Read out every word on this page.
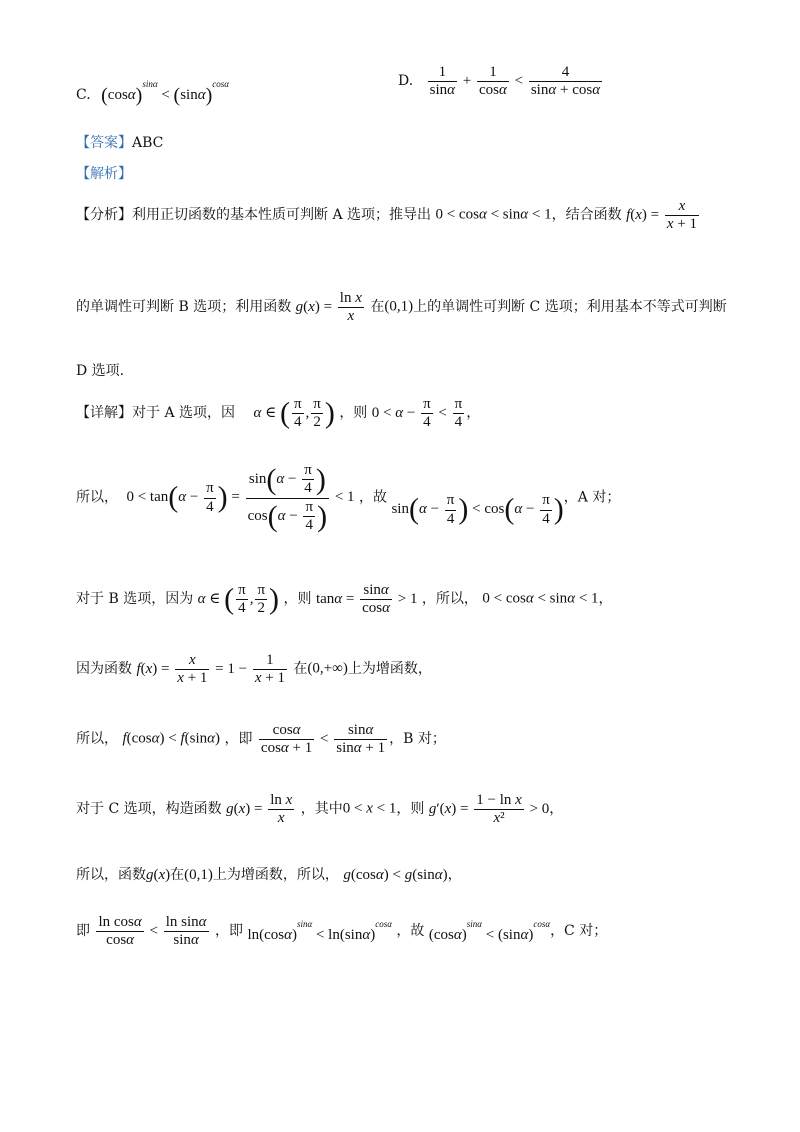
C. $(\cos\alpha)^{sin\alpha} < (\sin\alpha)^{cos\alpha}$	D. $\frac{1}{\sin\alpha} + \frac{1}{\cos\alpha} < \frac{4}{\sin\alpha + \cos\alpha}$
【答案】ABC
【解析】
【分析】利用正切函数的基本性质可判断 A 选项；推导出 0 < cosα < sinα < 1，结合函数 $f(x) = \frac{x}{x + 1}$
的单调性可判断 B 选项；利用函数 $g(x) = \frac{\text{ln x}}{x}$ 在(0,1)上的单调性可判断 C 选项；利用基本不等式可判断
D 选项.
【详解】对于 A 选项，因 α ∈ ( $\frac{\pi}{4}$ , $\frac{\pi}{2}$ ) ，则 $0 < \alpha - \frac{\pi}{4} < \frac{\pi}{4}$ ，
所以， $0 < \tan(\alpha - \frac{\pi}{4}$ ) = $\frac{\sin(\alpha - \frac{\pi}{4} )}{\cos(\alpha - \frac{\pi}{4} )} < 1$ ，故 $\sin(\alpha - \frac{\pi}{4}$ ) < $\cos(\alpha - \frac{\pi}{4}$ )，A 对；
对于 B 选项，因为 α ∈ ( $\frac{\pi}{4}$ , $\frac{\pi}{2}$ ) ，则 $\tan\alpha = \frac{\sin\alpha}{\cos\alpha} > 1$ ，所以， 0 < cosα < sinα < 1，
因为函数 $f(x) = \frac{x}{x + 1} = 1 - \frac{1}{x + 1}$ 在(0,+∞)上为增函数，
所以， f(cosα) < f(sinα) ，即 $\frac{\cos\alpha}{\cos\alpha + 1} < \frac{\sin\alpha}{\sin\alpha + 1}$ ，B 对；
对于 C 选项，构造函数 $g(x) = \frac{\text{ln x}}{x}$ ，其中0 < x < 1，则 $g'(x) = \frac{\text{1 − ln x}}{\text{x²}} > 0$，
所以，函数g(x)在(0,1)上为增函数，所以， g(cosα) < g(sinα)，
即 $\frac{\text{ln cosα}}{\cos\alpha} < \frac{\text{ln sinα}}{\sin\alpha}$ ，即 $\ln(\cos\alpha)^{sin\alpha} < \ln(\sin\alpha)^{cos\alpha}$ ，故 $(\cos\alpha)^{sin\alpha} < (\sin\alpha)^{cos\alpha}$，C 对；
